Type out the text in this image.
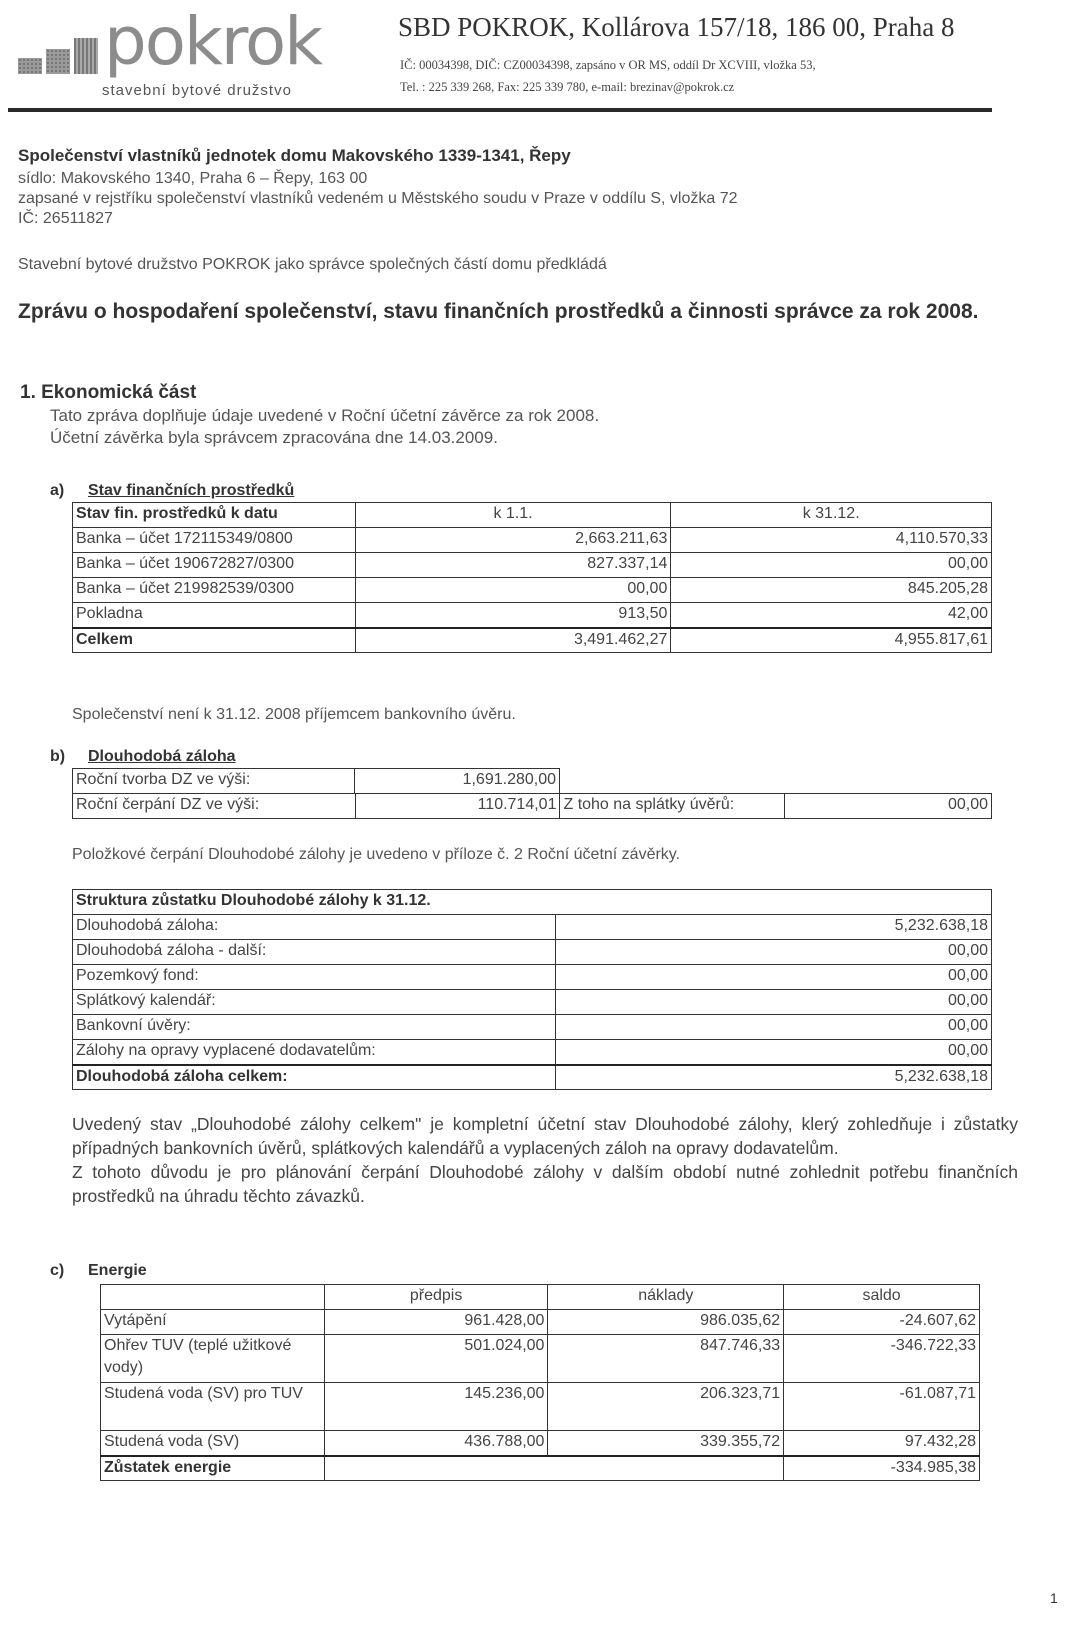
pokrok
stavební bytové družstvo
SBD POKROK, Kollárova 157/18, 186 00, Praha 8
IČ: 00034398, DIČ: CZ00034398, zapsáno v OR MS, oddíl Dr XCVIII, vložka 53,
Tel. : 225 339 268, Fax: 225 339 780, e-mail: brezinav@pokrok.cz
Společenství vlastníků jednotek domu Makovského 1339-1341, Řepy
sídlo: Makovského 1340, Praha 6 – Řepy, 163 00
zapsané v rejstříku společenství vlastníků vedeném u Městského soudu v Praze v oddílu S, vložka 72
IČ: 26511827
Stavební bytové družstvo POKROK jako správce společných částí domu předkládá
Zprávu o hospodaření společenství, stavu finančních prostředků a činnosti správce za rok 2008.
1. Ekonomická část
Tato zpráva doplňuje údaje uvedené v Roční účetní závěrce za rok 2008.
Účetní závěrka byla správcem zpracována dne 14.03.2009.
a) Stav finančních prostředků
Stav fin. prostředků k datu	k 1.1.	k 31.12.
Banka – účet 172115349/0800	2,663.211,63	4,110.570,33
Banka – účet 190672827/0300	827.337,14	00,00
Banka – účet 219982539/0300	00,00	845.205,28
Pokladna	913,50	42,00
Celkem	3,491.462,27	4,955.817,61
Společenství není k 31.12. 2008 příjemcem bankovního úvěru.
b) Dlouhodobá záloha
Roční tvorba DZ ve výši:	1,691.280,00
Roční čerpání DZ ve výši:	110.714,01	Z toho na splátky úvěrů:	00,00
Položkové čerpání Dlouhodobé zálohy je uvedeno v příloze č. 2 Roční účetní závěrky.
Struktura zůstatku Dlouhodobé zálohy k 31.12.	
Dlouhodobá záloha:	5,232.638,18
Dlouhodobá záloha - další:	00,00
Pozemkový fond:	00,00
Splátkový kalendář:	00,00
Bankovní úvěry:	00,00
Zálohy na opravy vyplacené dodavatelům:	00,00
Dlouhodobá záloha celkem:	5,232.638,18

Uvedený stav „Dlouhodobé zálohy celkem" je kompletní účetní stav Dlouhodobé zálohy, klerý zohledňuje i zůstatky případných bankovních úvěrů, splátkových kalendářů a vyplacených záloh na opravy dodavatelům.

Z tohoto důvodu je pro plánování čerpání Dlouhodobé zálohy v dalším období nutné zohlednit potřebu finančních prostředků na úhradu těchto závazků.

c) Energie
	předpis	náklady	saldo
Vytápění	961.428,00	986.035,62	-24.607,62
Ohřev TUV (teplé užitkové vody)	501.024,00	847.746,33	-346.722,33
Studená voda (SV) pro TUV	145.236,00	206.323,71	-61.087,71
Studená voda (SV)	436.788,00	339.355,72	97.432,28
Zůstatek energie			-334.985,38
1
